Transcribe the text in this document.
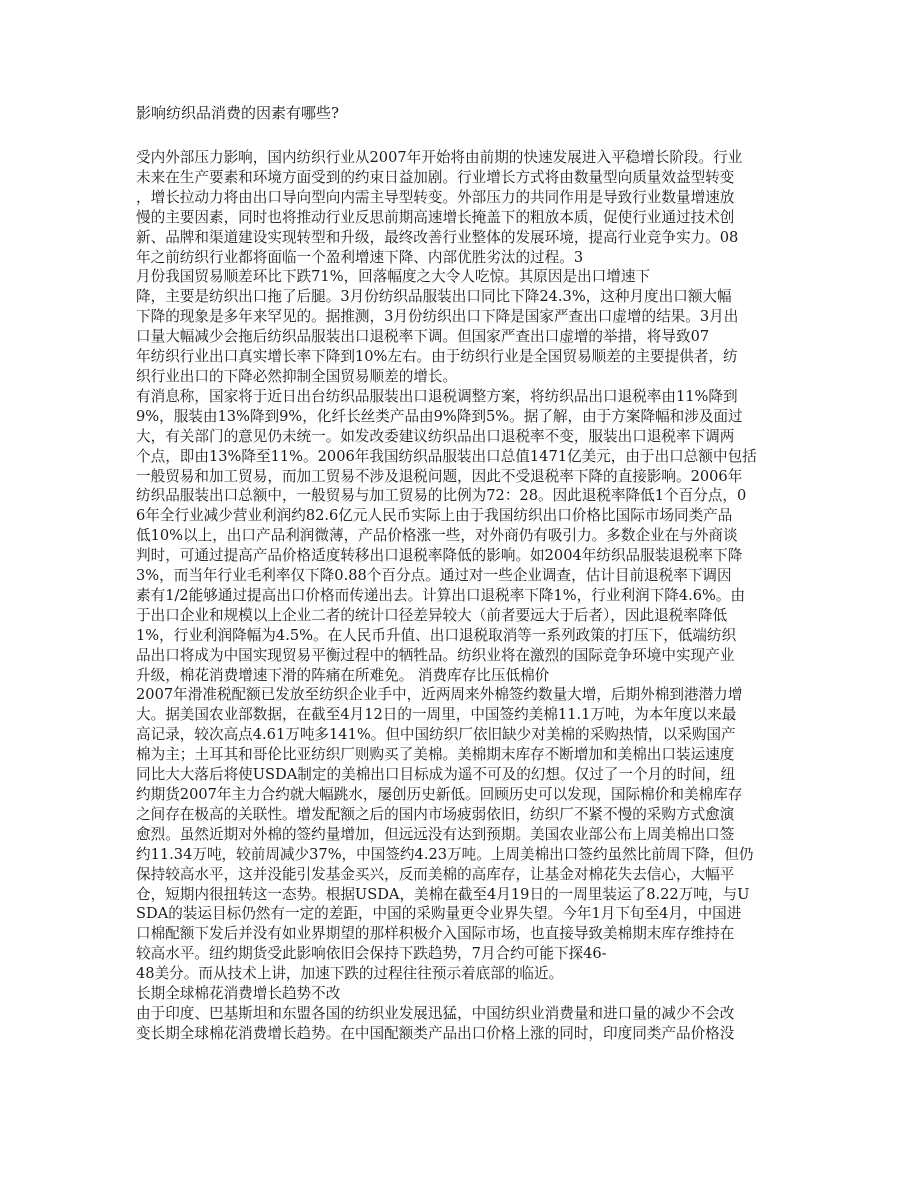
影响纺织品消费的因素有哪些?
受内外部压力影响，国内纺织行业从2007年开始将由前期的快速发展进入平稳增长阶段。行业
未来在生产要素和环境方面受到的约束日益加剧。行业增长方式将由数量型向质量效益型转变
，增长拉动力将由出口导向型向内需主导型转变。外部压力的共同作用是导致行业数量增速放
慢的主要因素，同时也将推动行业反思前期高速增长掩盖下的粗放本质，促使行业通过技术创
新、品牌和渠道建设实现转型和升级，最终改善行业整体的发展环境，提高行业竞争实力。08
年之前纺织行业都将面临一个盈利增速下降、内部优胜劣汰的过程。3
月份我国贸易顺差环比下跌71%，回落幅度之大令人吃惊。其原因是出口增速下
降，主要是纺织出口拖了后腿。3月份纺织品服装出口同比下降24.3%，这种月度出口额大幅
下降的现象是多年来罕见的。据推测，3月份纺织出口下降是国家严查出口虚增的结果。3月出
口量大幅减少会拖后纺织品服装出口退税率下调。但国家严查出口虚增的举措，将导致07
年纺织行业出口真实增长率下降到10%左右。由于纺织行业是全国贸易顺差的主要提供者，纺
织行业出口的下降必然抑制全国贸易顺差的增长。
有消息称，国家将于近日出台纺织品服装出口退税调整方案，将纺织品出口退税率由11%降到
9%，服装由13%降到9%，化纤长丝类产品由9%降到5%。据了解，由于方案降幅和涉及面过
大，有关部门的意见仍未统一。如发改委建议纺织品出口退税率不变，服装出口退税率下调两
个点，即由13%降至11%。2006年我国纺织品服装出口总值1471亿美元，由于出口总额中包括
一般贸易和加工贸易，而加工贸易不涉及退税问题，因此不受退税率下降的直接影响。2006年
纺织品服装出口总额中，一般贸易与加工贸易的比例为72：28。因此退税率降低1个百分点，0
6年全行业减少营业利润约82.6亿元人民币实际上由于我国纺织出口价格比国际市场同类产品
低10%以上，出口产品利润微薄，产品价格涨一些，对外商仍有吸引力。多数企业在与外商谈
判时，可通过提高产品价格适度转移出口退税率降低的影响。如2004年纺织品服装退税率下降
3%，而当年行业毛利率仅下降0.88个百分点。通过对一些企业调查，估计目前退税率下调因
素有1/2能够通过提高出口价格而传递出去。计算出口退税率下降1%，行业利润下降4.6%。由
于出口企业和规模以上企业二者的统计口径差异较大（前者要远大于后者），因此退税率降低
1%，行业利润降幅为4.5%。在人民币升值、出口退税取消等一系列政策的打压下，低端纺织
品出口将成为中国实现贸易平衡过程中的牺牲品。纺织业将在激烈的国际竞争环境中实现产业
升级，棉花消费增速下滑的阵痛在所难免。 消费库存比压低棉价
2007年滑准税配额已发放至纺织企业手中，近两周来外棉签约数量大增，后期外棉到港潜力增
大。据美国农业部数据，在截至4月12日的一周里，中国签约美棉11.1万吨，为本年度以来最
高记录，较次高点4.61万吨多141%。但中国纺织厂依旧缺少对美棉的采购热情，以采购国产
棉为主；土耳其和哥伦比亚纺织厂则购买了美棉。美棉期末库存不断增加和美棉出口装运速度
同比大大落后将使USDA制定的美棉出口目标成为遥不可及的幻想。仅过了一个月的时间，纽
约期货2007年主力合约就大幅跳水，屡创历史新低。回顾历史可以发现，国际棉价和美棉库存
之间存在极高的关联性。增发配额之后的国内市场疲弱依旧，纺织厂不紧不慢的采购方式愈演
愈烈。虽然近期对外棉的签约量增加，但远远没有达到预期。美国农业部公布上周美棉出口签
约11.34万吨，较前周减少37%，中国签约4.23万吨。上周美棉出口签约虽然比前周下降，但仍
保持较高水平，这并没能引发基金买兴，反而美棉的高库存，让基金对棉花失去信心，大幅平
仓，短期内很扭转这一态势。根据USDA，美棉在截至4月19日的一周里装运了8.22万吨，与U
SDA的装运目标仍然有一定的差距，中国的采购量更令业界失望。今年1月下旬至4月，中国进
口棉配额下发后并没有如业界期望的那样积极介入国际市场，也直接导致美棉期末库存维持在
较高水平。纽约期货受此影响依旧会保持下跌趋势，7月合约可能下探46-
48美分。而从技术上讲，加速下跌的过程往往预示着底部的临近。
长期全球棉花消费增长趋势不改
由于印度、巴基斯坦和东盟各国的纺织业发展迅猛，中国纺织业消费量和进口量的减少不会改
变长期全球棉花消费增长趋势。在中国配额类产品出口价格上涨的同时，印度同类产品价格没
